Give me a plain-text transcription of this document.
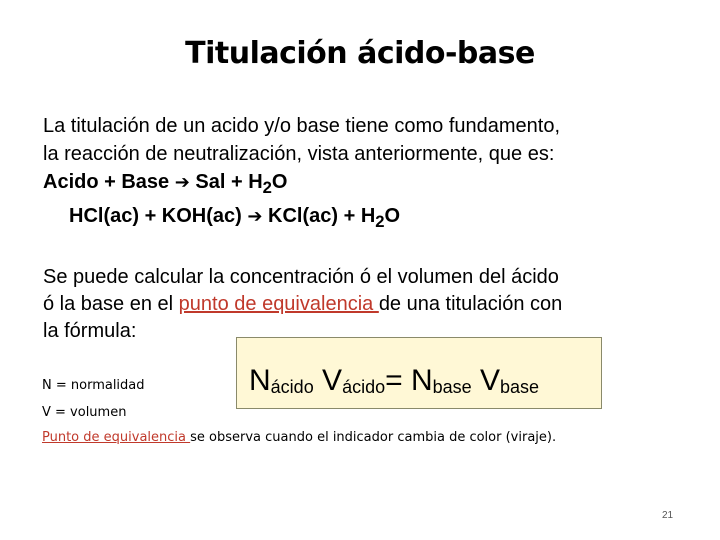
Titulación ácido-base
La titulación de un acido y/o base tiene como fundamento,
la reacción de neutralización, vista anteriormente, que es:
Acido + Base ➔ Sal + $H_2O$
HCl(ac) + KOH(ac) ➔ $KCl(ac) + H_2O$
Se puede calcular la concentración ó el volumen del ácido
ó la base en el punto de equivalencia de una titulación con
la fórmula:
$N_{ácido}$
$V_{ácido} = N_{base}$
$V_{base}$
N = normalidad
V = volumen
Punto de equivalencia se observa cuando el indicador cambia de color (viraje).
21
